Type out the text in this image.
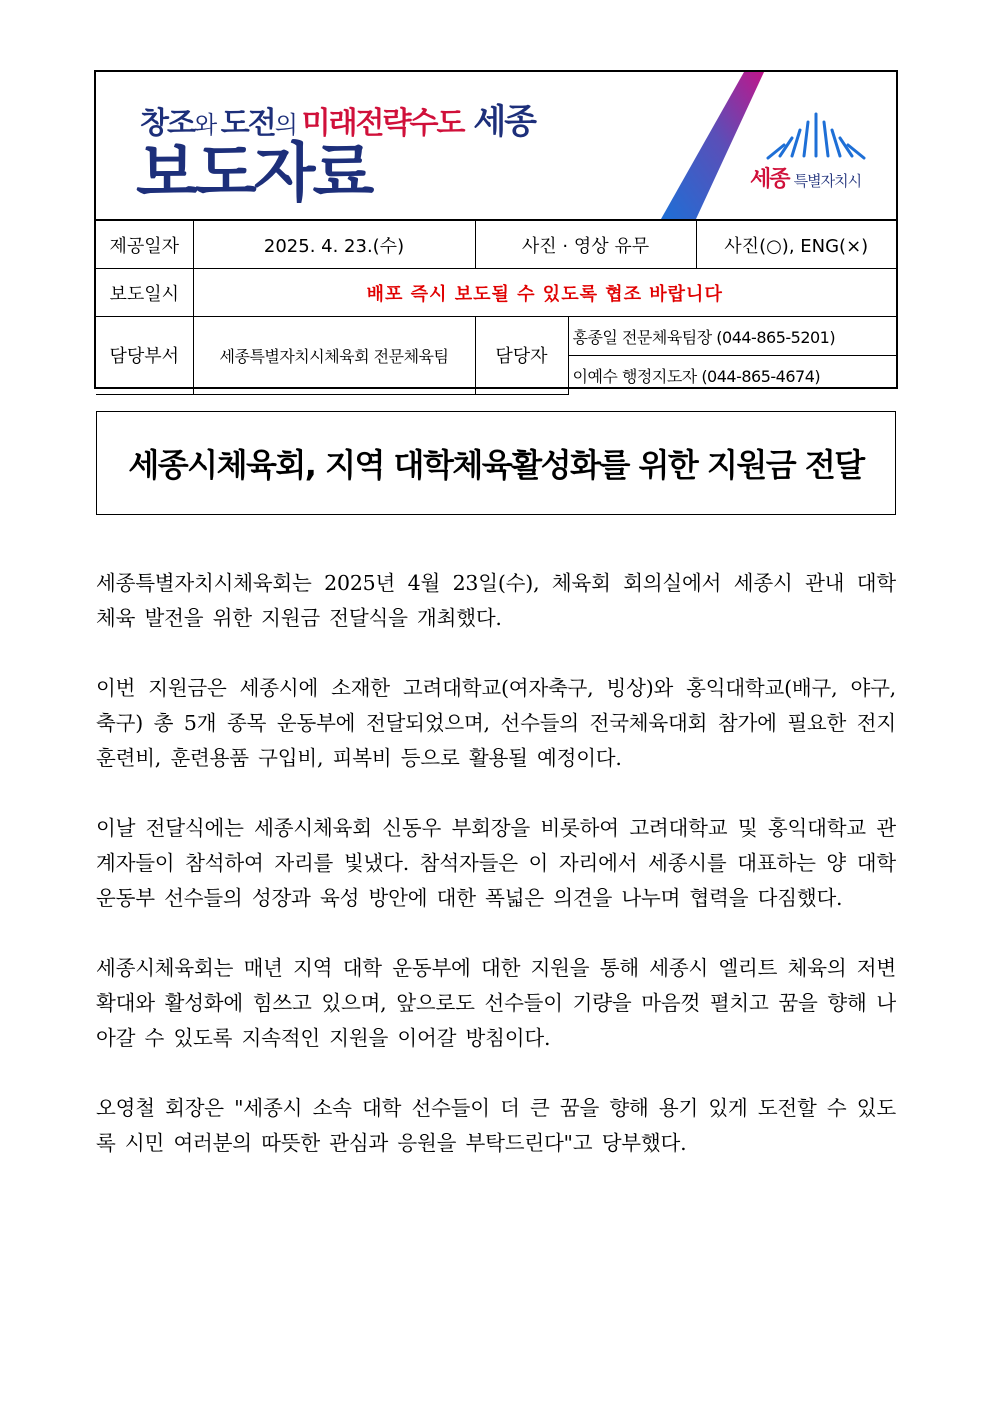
창조와 도전의 미래전략수도 세종
보도자료	세종 특별자치시
제공일자	2025. 4. 23.(수)	사진 · 영상 유무		사진(○), ENG(×)
보도일시	배포 즉시 보도될 수 있도록 협조 바랍니다			
담당부서	세종특별자치시체육회 전문체육팀	담당자	홍종일 전문체육팀장 (044-865-5201)	
			이예수 행정지도자 (044-865-4674)	
세종시체육회, 지역 대학체육활성화를 위한 지원금 전달

세종특별자치시체육회는 2025년 4월 23일(수), 체육회 회의실에서 세종시 관내 대학 체육 발전을 위한 지원금 전달식을 개최했다.

이번 지원금은 세종시에 소재한 고려대학교(여자축구, 빙상)와 홍익대학교(배구, 야구, 축구) 총 5개 종목 운동부에 전달되었으며, 선수들의 전국체육대회 참가에 필요한 전지훈련비, 훈련용품 구입비, 피복비 등으로 활용될 예정이다.

이날 전달식에는 세종시체육회 신동우 부회장을 비롯하여 고려대학교 및 홍익대학교 관계자들이 참석하여 자리를 빛냈다. 참석자들은 이 자리에서 세종시를 대표하는 양 대학 운동부 선수들의 성장과 육성 방안에 대한 폭넓은 의견을 나누며 협력을 다짐했다.

세종시체육회는 매년 지역 대학 운동부에 대한 지원을 통해 세종시 엘리트 체육의 저변 확대와 활성화에 힘쓰고 있으며, 앞으로도 선수들이 기량을 마음껏 펼치고 꿈을 향해 나아갈 수 있도록 지속적인 지원을 이어갈 방침이다.

오영철 회장은 "세종시 소속 대학 선수들이 더 큰 꿈을 향해 용기 있게 도전할 수 있도록 시민 여러분의 따뜻한 관심과 응원을 부탁드린다"고 당부했다.
